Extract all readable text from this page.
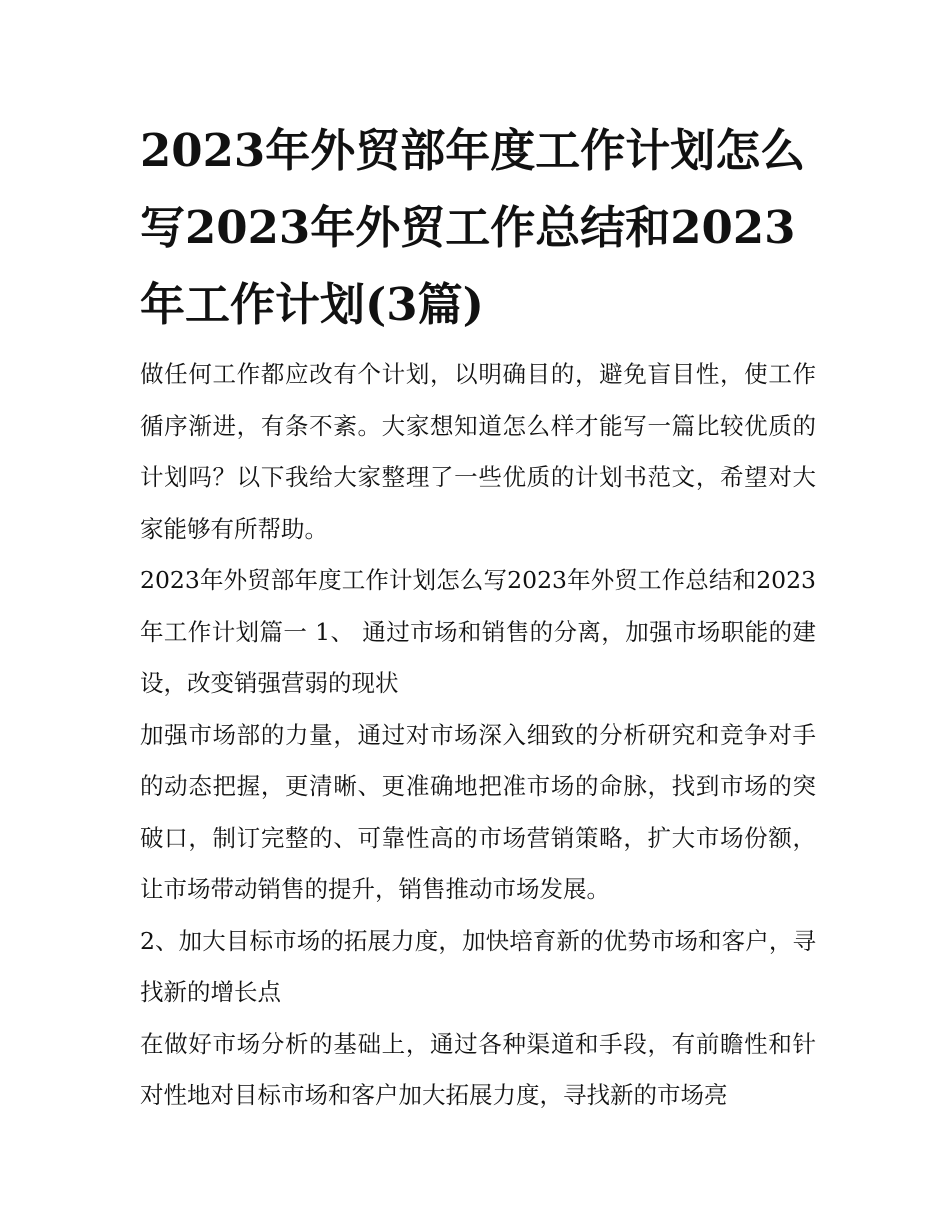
2023年外贸部年度工作计划怎么写2023年外贸工作总结和2023年工作计划(3篇)

做任何工作都应改有个计划，以明确目的，避免盲目性，使工作循序渐进，有条不紊。大家想知道怎么样才能写一篇比较优质的计划吗？以下我给大家整理了一些优质的计划书范文，希望对大家能够有所帮助。

2023年外贸部年度工作计划怎么写2023年外贸工作总结和2023年工作计划篇一 1、 通过市场和销售的分离，加强市场职能的建设，改变销强营弱的现状

加强市场部的力量，通过对市场深入细致的分析研究和竞争对手的动态把握，更清晰、更准确地把准市场的命脉，找到市场的突破口，制订完整的、可靠性高的市场营销策略，扩大市场份额，让市场带动销售的提升，销售推动市场发展。

2、加大目标市场的拓展力度，加快培育新的优势市场和客户，寻找新的增长点

在做好市场分析的基础上，通过各种渠道和手段，有前瞻性和针对性地对目标市场和客户加大拓展力度，寻找新的市场亮
